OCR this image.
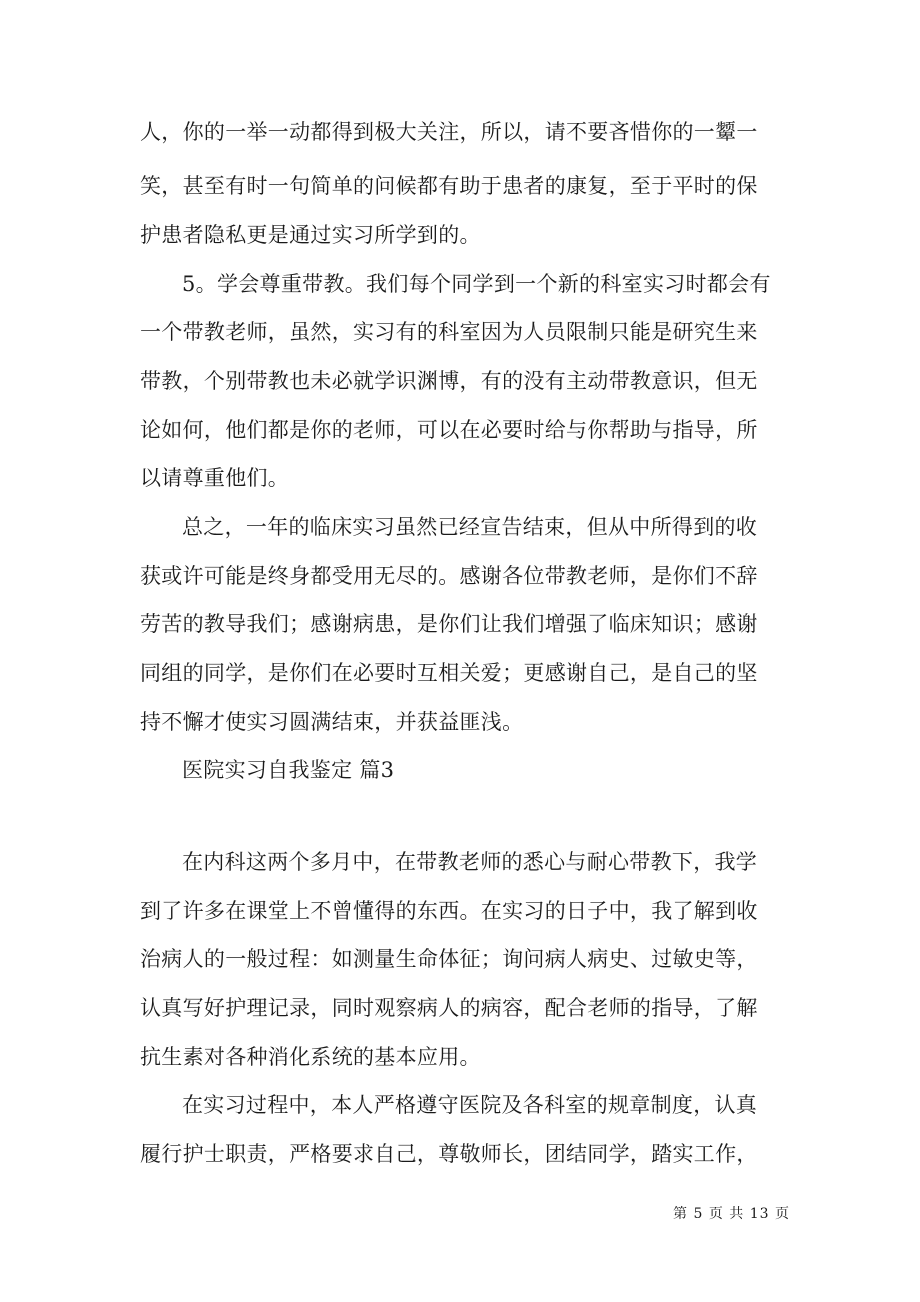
人，你的一举一动都得到极大关注，所以，请不要吝惜你的一颦一
笑，甚至有时一句简单的问候都有助于患者的康复，至于平时的保
护患者隐私更是通过实习所学到的。
5。学会尊重带教。我们每个同学到一个新的科室实习时都会有
一个带教老师，虽然，实习有的科室因为人员限制只能是研究生来
带教，个别带教也未必就学识渊博，有的没有主动带教意识，但无
论如何，他们都是你的老师，可以在必要时给与你帮助与指导，所
以请尊重他们。
总之，一年的临床实习虽然已经宣告结束，但从中所得到的收
获或许可能是终身都受用无尽的。感谢各位带教老师，是你们不辞
劳苦的教导我们；感谢病患，是你们让我们增强了临床知识；感谢
同组的同学，是你们在必要时互相关爱；更感谢自己，是自己的坚
持不懈才使实习圆满结束，并获益匪浅。
医院实习自我鉴定 篇3
在内科这两个多月中，在带教老师的悉心与耐心带教下，我学
到了许多在课堂上不曾懂得的东西。在实习的日子中，我了解到收
治病人的一般过程：如测量生命体征；询问病人病史、过敏史等，
认真写好护理记录，同时观察病人的病容，配合老师的指导，了解
抗生素对各种消化系统的基本应用。
在实习过程中，本人严格遵守医院及各科室的规章制度，认真
履行护士职责，严格要求自己，尊敬师长，团结同学，踏实工作，
第 5 页 共 13 页
